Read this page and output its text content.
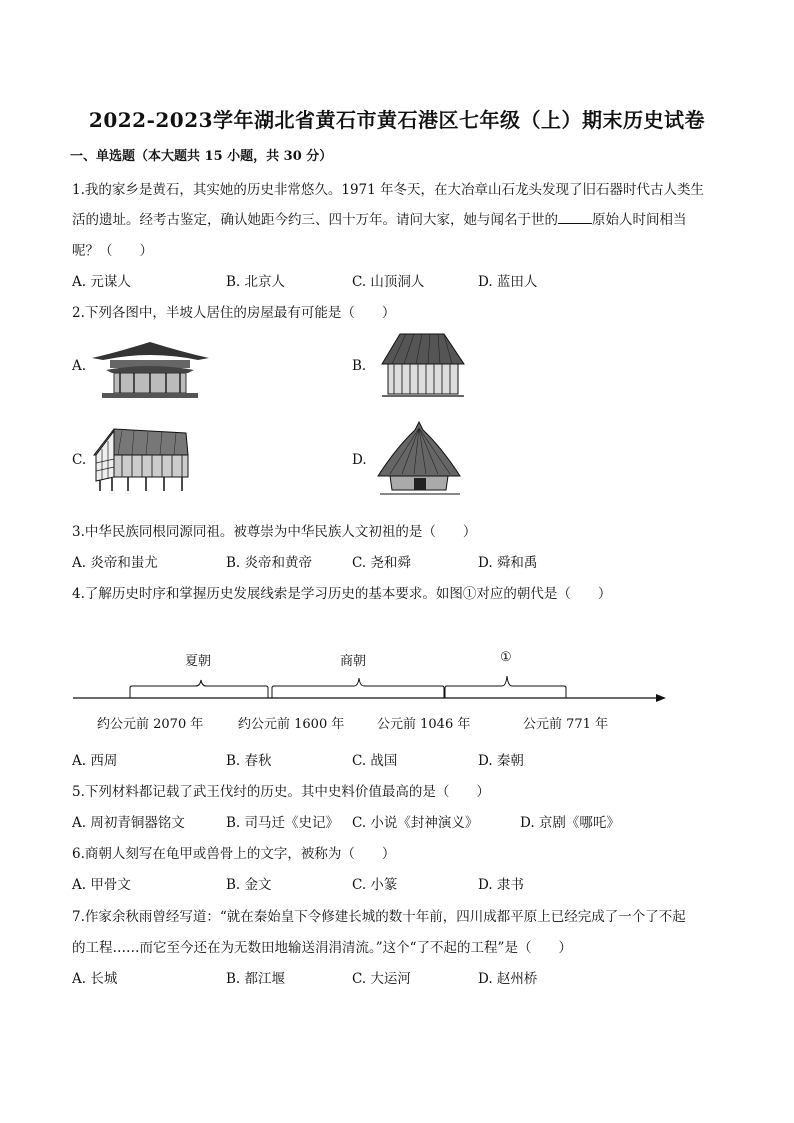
2022-2023学年湖北省黄石市黄石港区七年级（上）期末历史试卷
一、单选题（本大题共 15 小题，共 30 分）
1.我的家乡是黄石，其实她的历史非常悠久。1971 年冬天，在大冶章山石龙头发现了旧石器时代古人类生
活的遗址。经考古鉴定，确认她距今约三、四十万年。请问大家，她与闻名于世的	原始人时间相当
呢？（　　）
A. 元谋人	B. 北京人	C. 山顶洞人	D. 蓝田人
2.下列各图中，半坡人居住的房屋最有可能是（　　）
A.	B.
C.	D.
3.中华民族同根同源同祖。被尊崇为中华民族人文初祖的是（　　）
A. 炎帝和蚩尤	B. 炎帝和黄帝	C. 尧和舜	D. 舜和禹
4.了解历史时序和掌握历史发展线索是学习历史的基本要求。如图①对应的朝代是（　　）
夏朝	商朝	①
约公元前 2070 年	约公元前 1600 年	公元前 1046 年	公元前 771 年
A. 西周	B. 春秋	C. 战国	D. 秦朝
5.下列材料都记载了武王伐纣的历史。其中史料价值最高的是（　　）
A. 周初青铜器铭文	B. 司马迁《史记》 C. 小说《封神演义》	D. 京剧《哪吒》
6.商朝人刻写在龟甲或兽骨上的文字，被称为（　　）
A. 甲骨文	B. 金文	C. 小篆	D. 隶书
7.作家余秋雨曾经写道：“就在秦始皇下令修建长城的数十年前，四川成都平原上已经完成了一个了不起
的工程……而它至今还在为无数田地输送涓涓清流。”这个“了不起的工程”是（　　）
A. 长城	B. 都江堰	C. 大运河	D. 赵州桥
